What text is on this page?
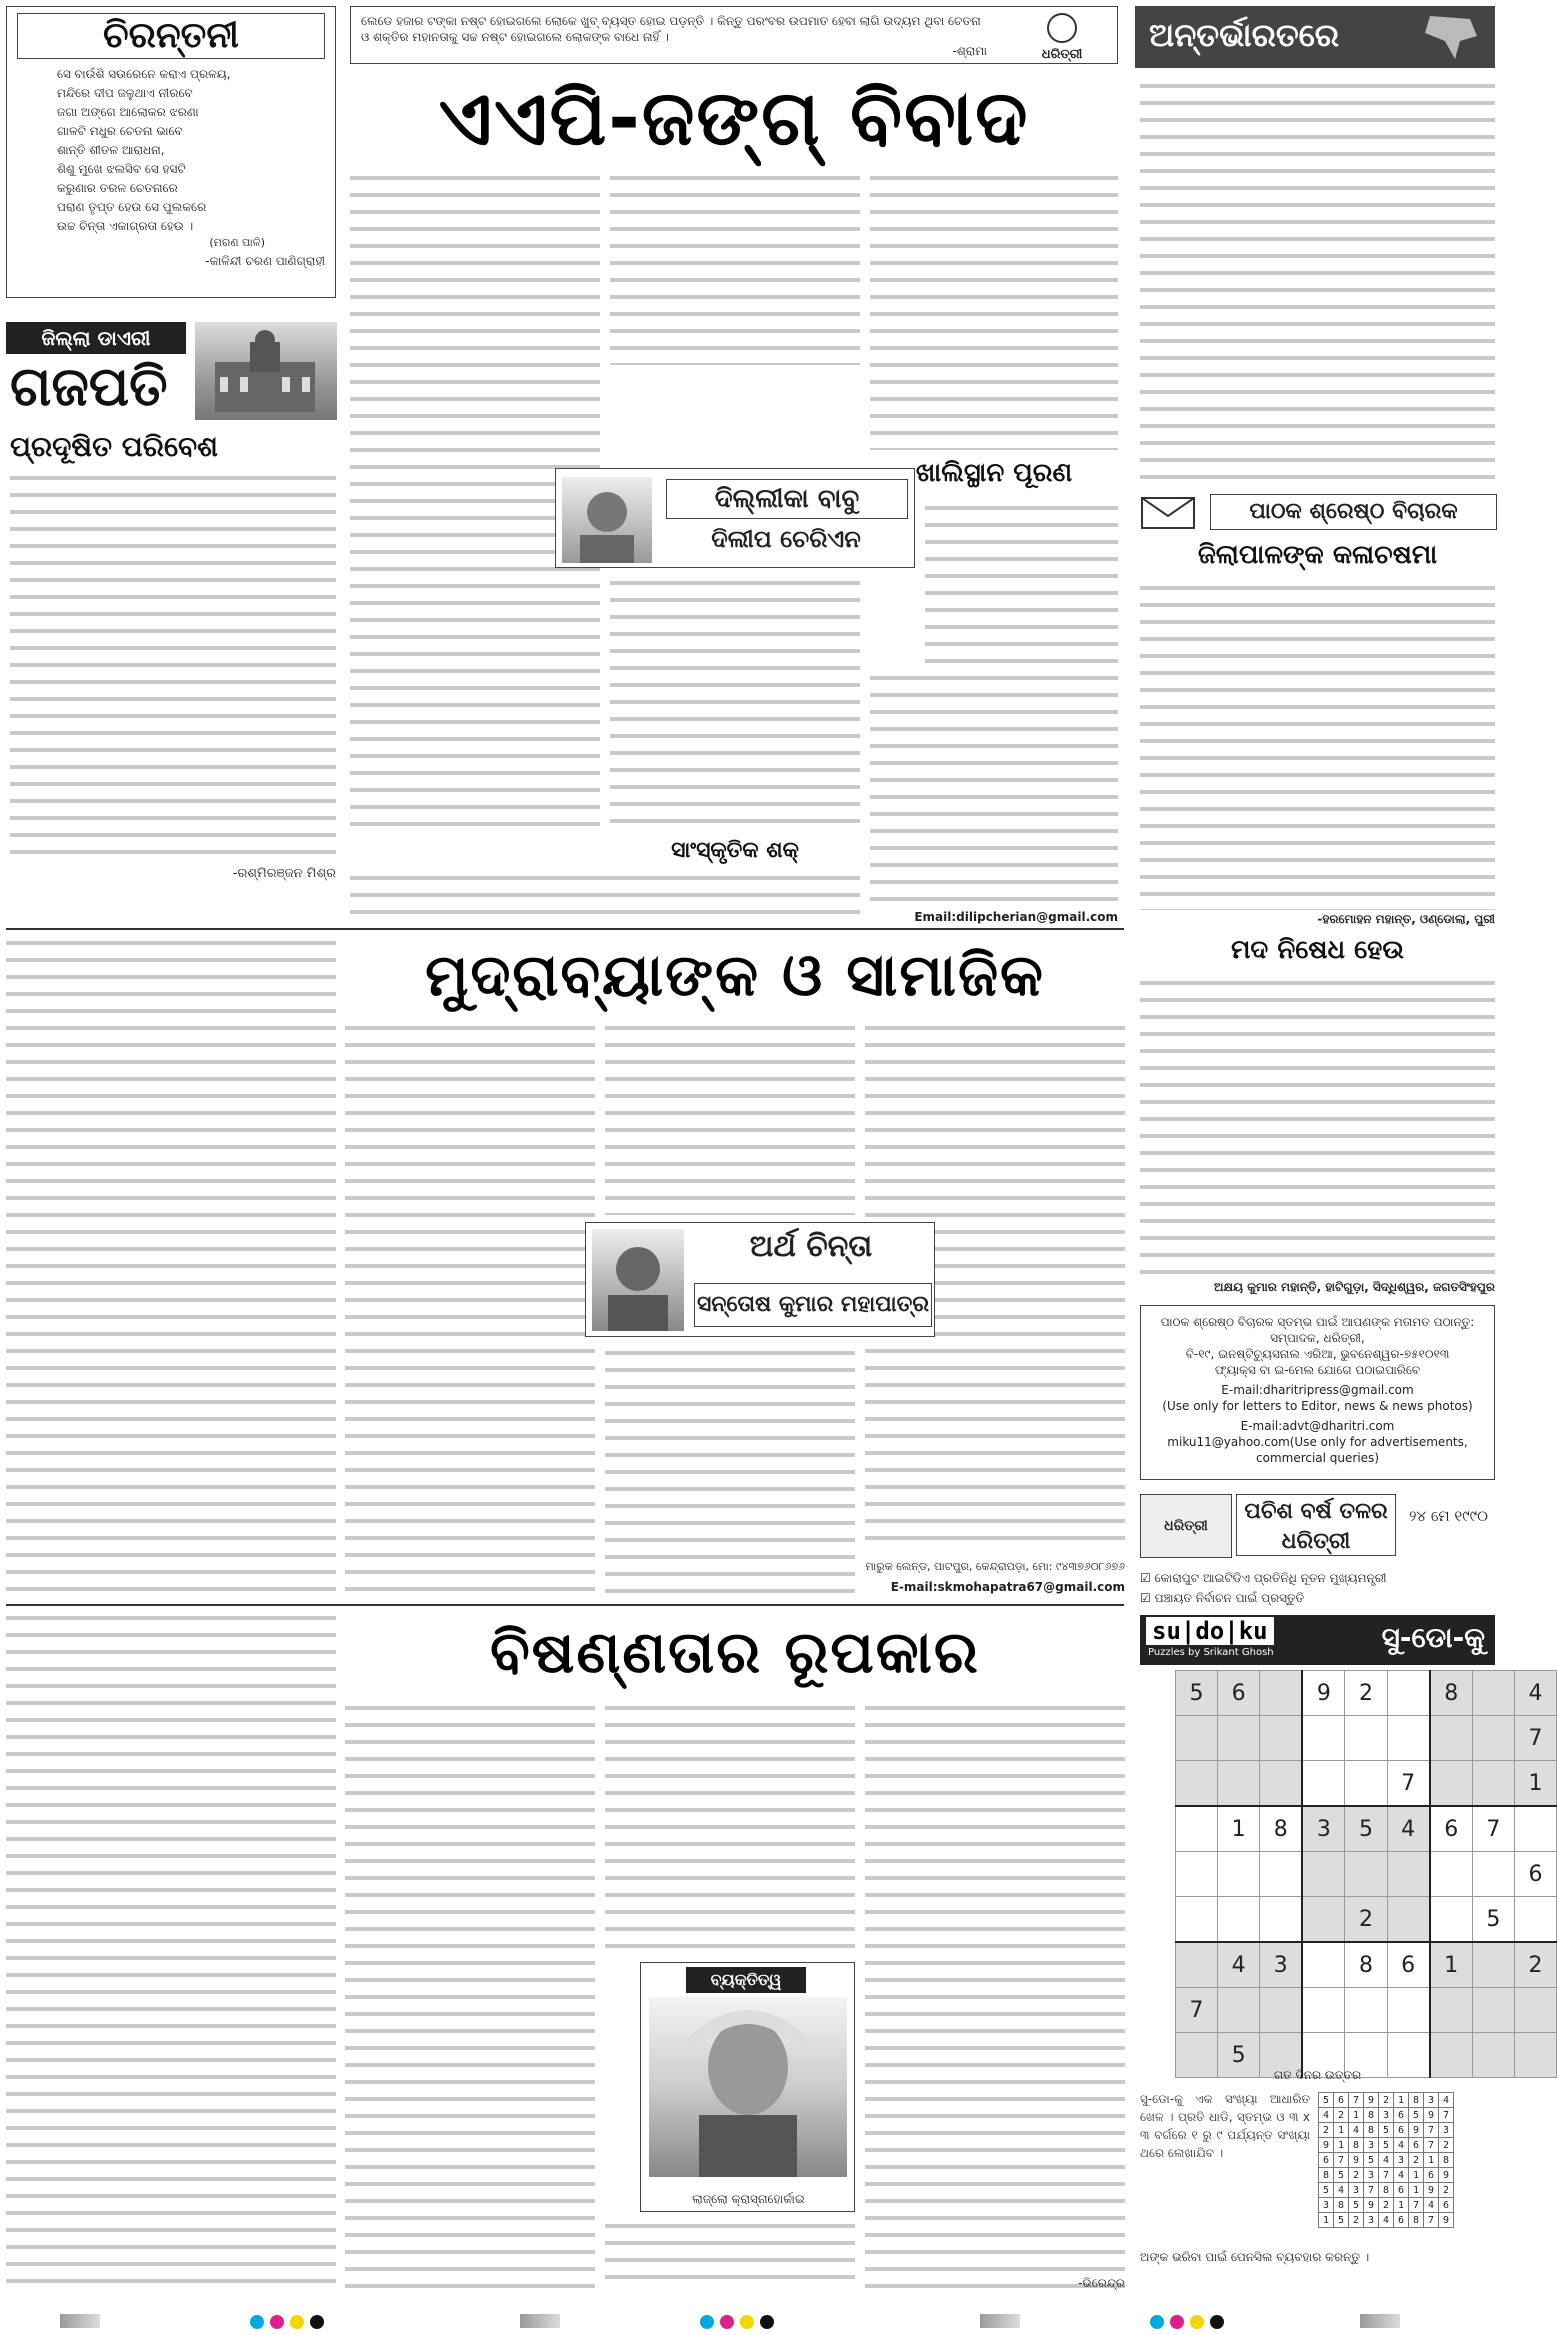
ଚିରନ୍ତନୀ
ସେ ବାଉଁଶି ସଉରେନେ କରାଏ ପ୍ରଳୟ,
ମନ୍ଦିରେ ଦୀପ ଜଳୁଥାଏ ନୀରବେ
ଜଗା ଅଙ୍ଗେ ଆଲୋକର ଝରଣା
ଗାଳଟି ମଧୁର ଚେତନା ଭାବେ
ଶାନ୍ତି ଶୀତଳ ଆରାଧନା,
ଶିଶୁ ମୁଖେ ଝଲସିବ ସେ ହସଟି
କରୁଣାର ତରଳ ଚେତନାରେ
ପରାଣ ତୃପ୍ତ ହେଉ ସେ ପୁଲକରେ
ଉଚ୍ଚ ଚିନ୍ତା ଏକାଗ୍ରତା ହେଉ ।
(ମରଣ ପାଳି)
-କାଳିନ୍ଦୀ ଚରଣ ପାଣିଗ୍ରାହୀ
ଜିଲ୍ଲା ଡାଏରୀ
ଗଜପତି
ପ୍ରଦୂଷିତ ପରିବେଶ
-ରଶ୍ମିରଞ୍ଜନ ମିଶ୍ର
ଲେଡେ ହଜାର ଟଙ୍କା ନଷ୍ଟ ହୋଇଗଲେ ଲୋକେ ଖୁବ୍ ବ୍ୟସ୍ତ ହୋଇ ପଡ଼ନ୍ତି । କିନ୍ତୁ ପରଂବର ଉପମାତ ହେବା ଲାଗି ଉଦ୍ୟମ ଥିବା ଚେତନା ଓ ଶକ୍ତିର ମହାନତାକୁ ସଚ୍ଚ ନଷ୍ଟ ହୋଇଗଲେ ଲୋକଙ୍କ ବାଧେ ନାହିଁ ।
-ଶ୍ରାମା	ଧରିତ୍ରୀ
ଏଏପି-ଜଙ୍ଗ୍ ବିବାଦ
ଖାଲିସ୍ଥାନ ପୂରଣ
ଦିଲ୍ଲୀକା ବାବୁ
ଦିଲୀପ ଚେରିଏନ
ସାଂସ୍କୃତିକ ଶକ୍
Email:dilipcherian@gmail.com
ମୁଦ୍ରାବ୍ୟାଙ୍କ ଓ ସାମାଜିକ
ଅର୍ଥ ଚିନ୍ତା
ସନ୍ତୋଷ କୁମାର ମହାପାତ୍ର
ମାରୁକ ଲେନ୍ଡ, ପାଟପୁର, କେନ୍ଦ୍ରାପଡ଼ା, ମୋ: ୯୪୩୭୬୦୮୬୭୬
E-mail:skmohapatra67@gmail.com
ବିଷଣ୍ଣତାର ରୂପକାର
ବ୍ୟକ୍ତିତ୍ୱ
ଲାଜ୍‌ଲୋ କ୍ରାସ୍ନାହୋର୍କାଇ
-ଭିରେନ୍ଦ୍ର
ଅନ୍ତର୍ଭାରତରେ
ପାଠକ ଶ୍ରେଷ୍ଠ ବିଚାରକ
ଜିଲାପାଳଙ୍କ କଳାଚଷମା
-ହରମୋହନ ମହାନ୍ତ, ଓଣ୍ଡୋଲା, ପୁରୀ
ମଦ ନିଷେଧ ହେଉ
ଅକ୍ଷୟ କୁମାର ମହାନ୍ତି, ହାଟିଗୁଡ଼ା, ସିଦ୍ଧିଶ୍ୱର, ଜଗତସିଂହପୁର
ପାଠକ ଶ୍ରେଷ୍ଠ ବିଚାରକ ସ୍ତମ୍ଭ ପାଇଁ ଆପଣଙ୍କ ମତାମତ ପଠାନ୍ତୁ:
ସମ୍ପାଦକ, ଧରିତ୍ରୀ,
ବି-୧୯, ଇନଷ୍ଟିଚ୍ୟୁସନାଲ ଏରିଆ, ଭୁବନେଶ୍ୱର-୭୫୧୦୧୩
ଫ୍ୟାକ୍ସ ବା ଇ-ମେଲ ଯୋଗେ ପଠାଇପାରିବେ
E-mail:dharitripress@gmail.com
(Use only for letters to Editor, news & news photos)
E-mail:advt@dharitri.com
miku11@yahoo.com(Use only for advertisements, commercial queries)
ଧରିତ୍ରୀ
ପଚିଶ ବର୍ଷ ତଳର ଧରିତ୍ରୀ
୨୪ ମେ ୧୯୯୦
☑ କୋରାପୁଟ ଆଇଟିଡିଏ ପ୍ରତିନିଧି ନୂତନ ମୁଖ୍ୟମନ୍ତ୍ରୀ
☑ ପଞ୍ଚାୟତ ନିର୍ବାଚନ ପାଇଁ ପ୍ରସ୍ତୁତି
su|do|ku
Puzzles by Srikant Ghosh	ସୁ-ଡୋ-କୁ
5	6		9	2		8		4
								7
					7			1
	1	8	3	5	4	6	7	
								6
				2			5	
	4	3		8	6	1		2
7								
	5							
ଗତ ଦିନର ଉତ୍ତର
ସୁ-ଡୋ-କୁ ଏକ ସଂଖ୍ୟା ଆଧାରିତ ଖେଳ । ପ୍ରତି ଧାଡି, ସ୍ତମ୍ଭ ଓ ୩ x ୩ ବର୍ଗରେ ୧ ରୁ ୯ ପର୍ଯ୍ୟନ୍ତ ସଂଖ୍ୟା ଥରେ ଲେଖାଯିବ ।
5	6	7	9	2	1	8	3	4
4	2	1	8	3	6	5	9	7
2	1	4	8	5	6	9	7	3
9	1	8	3	5	4	6	7	2
6	7	9	5	4	3	2	1	8
8	5	2	3	7	4	1	6	9
5	4	3	7	8	6	1	9	2
3	8	5	9	2	1	7	4	6
1	5	2	3	4	6	8	7	9
ଅଙ୍କ ଭରିବା ପାଇଁ ପେନସିଲ ବ୍ୟବହାର କରନ୍ତୁ ।
